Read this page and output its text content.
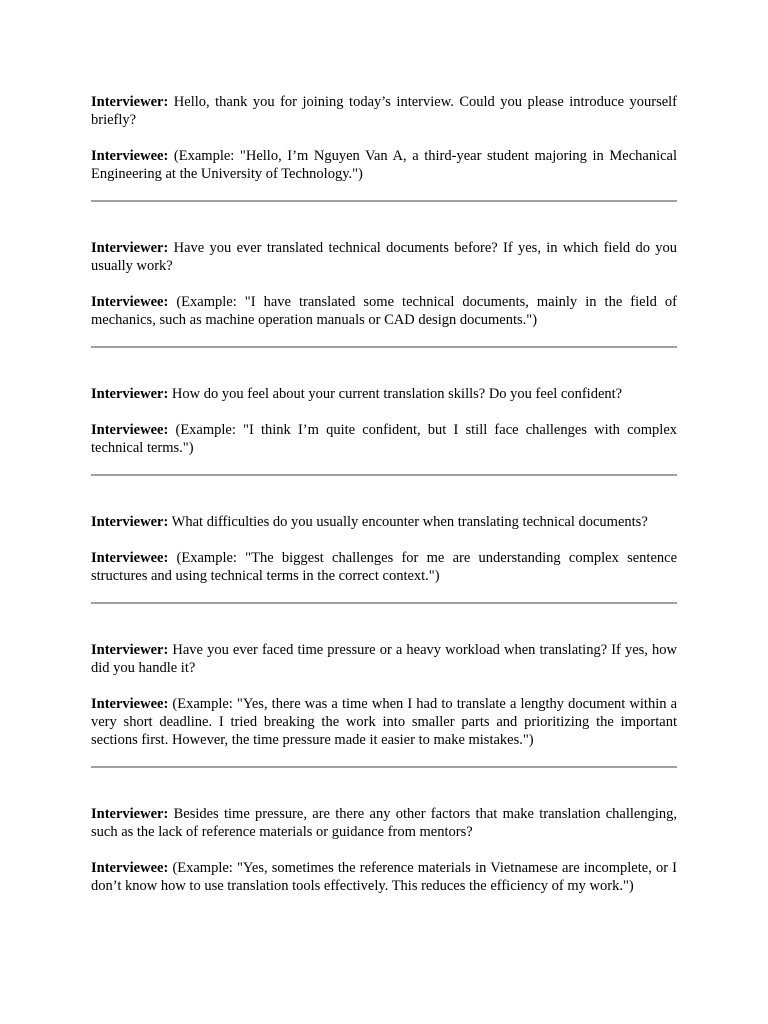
Interviewer: Hello, thank you for joining today’s interview. Could you please introduce yourself briefly?

Interviewee: (Example: "Hello, I’m Nguyen Van A, a third-year student majoring in Mechanical Engineering at the University of Technology.")

Interviewer: Have you ever translated technical documents before? If yes, in which field do you usually work?

Interviewee: (Example: "I have translated some technical documents, mainly in the field of mechanics, such as machine operation manuals or CAD design documents.")

Interviewer: How do you feel about your current translation skills? Do you feel confident?

Interviewee: (Example: "I think I’m quite confident, but I still face challenges with complex technical terms.")

Interviewer: What difficulties do you usually encounter when translating technical documents?

Interviewee: (Example: "The biggest challenges for me are understanding complex sentence structures and using technical terms in the correct context.")

Interviewer: Have you ever faced time pressure or a heavy workload when translating? If yes, how did you handle it?

Interviewee: (Example: "Yes, there was a time when I had to translate a lengthy document within a very short deadline. I tried breaking the work into smaller parts and prioritizing the important sections first. However, the time pressure made it easier to make mistakes.")

Interviewer: Besides time pressure, are there any other factors that make translation challenging, such as the lack of reference materials or guidance from mentors?

Interviewee: (Example: "Yes, sometimes the reference materials in Vietnamese are incomplete, or I don’t know how to use translation tools effectively. This reduces the efficiency of my work.")
